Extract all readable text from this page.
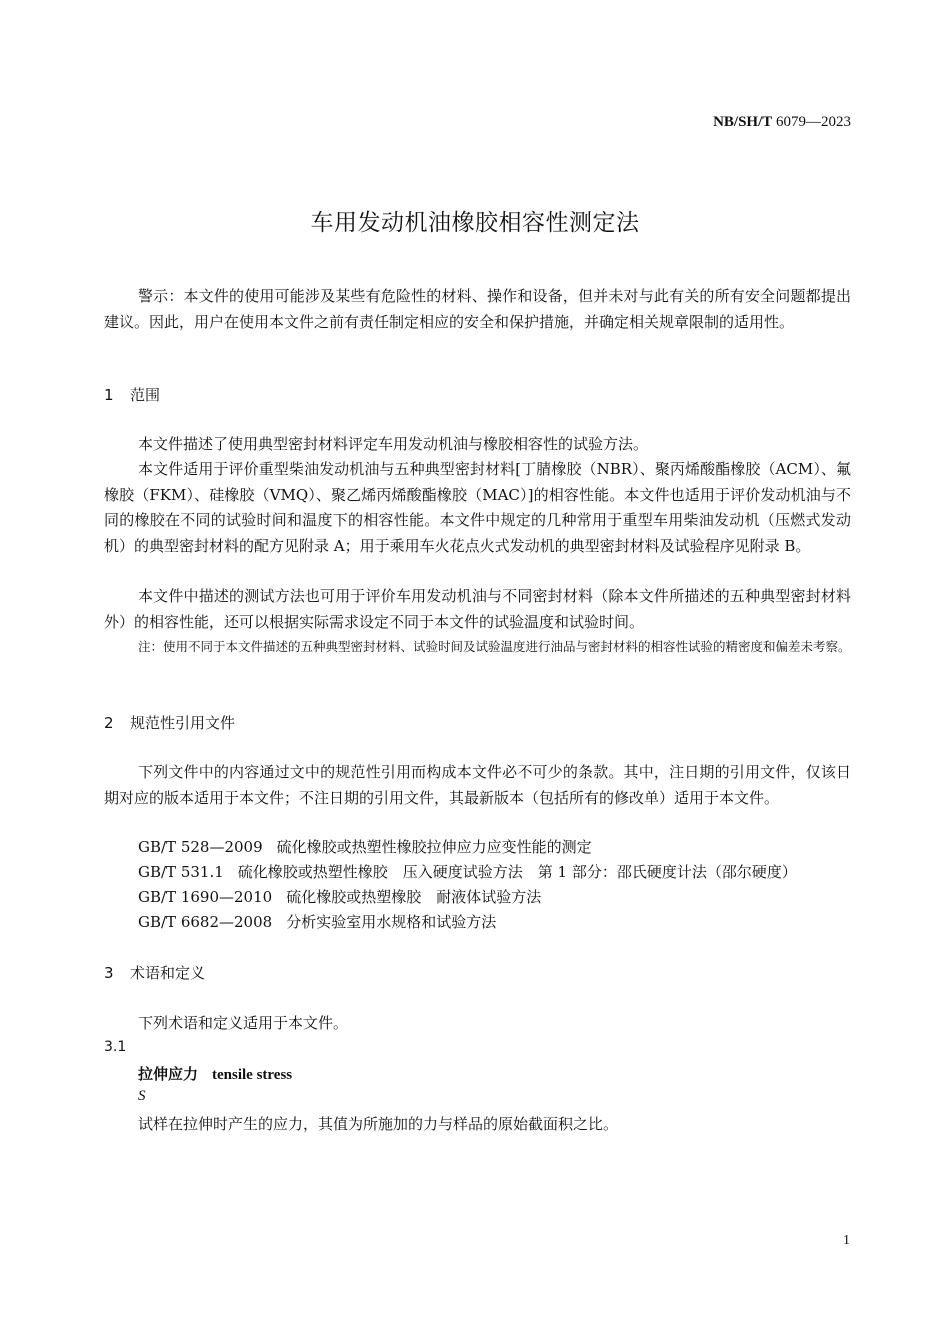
NB/SH/T 6079—2023
车用发动机油橡胶相容性测定法
警示：本文件的使用可能涉及某些有危险性的材料、操作和设备，但并未对与此有关的所有安全问题都提出建议。因此，用户在使用本文件之前有责任制定相应的安全和保护措施，并确定相关规章限制的适用性。
1 范围
本文件描述了使用典型密封材料评定车用发动机油与橡胶相容性的试验方法。
本文件适用于评价重型柴油发动机油与五种典型密封材料[丁腈橡胶（NBR）、聚丙烯酸酯橡胶（ACM）、氟橡胶（FKM）、硅橡胶（VMQ）、聚乙烯丙烯酸酯橡胶（MAC）]的相容性能。本文件也适用于评价发动机油与不同的橡胶在不同的试验时间和温度下的相容性能。本文件中规定的几种常用于重型车用柴油发动机（压燃式发动机）的典型密封材料的配方见附录 A；用于乘用车火花点火式发动机的典型密封材料及试验程序见附录 B。
本文件中描述的测试方法也可用于评价车用发动机油与不同密封材料（除本文件所描述的五种典型密封材料外）的相容性能，还可以根据实际需求设定不同于本文件的试验温度和试验时间。
注：使用不同于本文件描述的五种典型密封材料、试验时间及试验温度进行油品与密封材料的相容性试验的精密度和偏差未考察。
2 规范性引用文件
下列文件中的内容通过文中的规范性引用而构成本文件必不可少的条款。其中，注日期的引用文件，仅该日期对应的版本适用于本文件；不注日期的引用文件，其最新版本（包括所有的修改单）适用于本文件。
GB/T 528—2009 硫化橡胶或热塑性橡胶拉伸应力应变性能的测定
GB/T 531.1 硫化橡胶或热塑性橡胶　压入硬度试验方法　第 1 部分：邵氏硬度计法（邵尔硬度）
GB/T 1690—2010 硫化橡胶或热塑橡胶　耐液体试验方法
GB/T 6682—2008 分析实验室用水规格和试验方法
3 术语和定义
下列术语和定义适用于本文件。
3.1
拉伸应力 tensile stress
S
试样在拉伸时产生的应力，其值为所施加的力与样品的原始截面积之比。
1
